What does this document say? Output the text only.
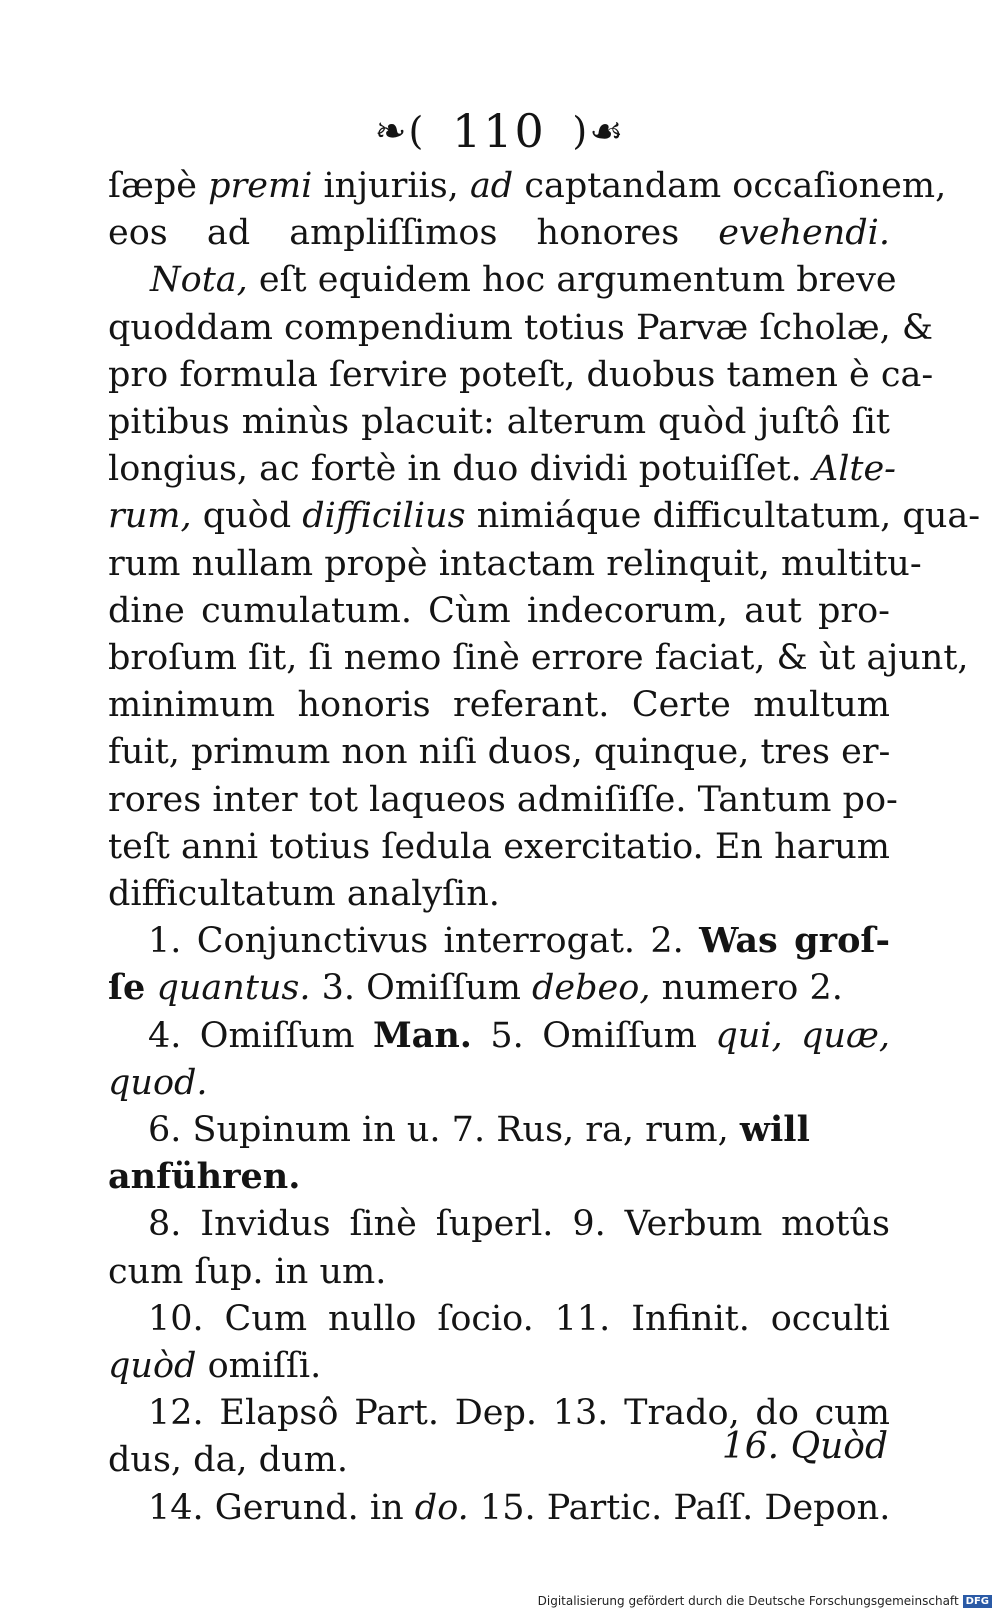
❧( 110 )☙
ſæpè premi injuriis, ad captandam occaſionem,
eos ad ampliſſimos honores evehendi.
Nota, eſt equidem hoc argumentum breve
quoddam compendium totius Parvæ ſcholæ, &
pro formula ſervire poteſt, duobus tamen è ca-
pitibus minùs placuit: alterum quòd juſtô ſit
longius, ac fortè in duo dividi potuiſſet. Alte-
rum, quòd difficilius nimiáque difficultatum, qua-
rum nullam propè intactam relinquit, multitu-
dine cumulatum. Cùm indecorum, aut pro-
broſum ſit, ſi nemo ſinè errore faciat, & ùt ajunt,
minimum honoris referant. Certe multum
fuit, primum non niſi duos, quinque, tres er-
rores inter tot laqueos admiſiſſe. Tantum po-
teſt anni totius ſedula exercitatio. En harum
difficultatum analyſin.
1. Conjunctivus interrogat. 2. Was groſ-
ſe quantus. 3. Omiſſum debeo, numero 2.
4. Omiſſum Man. 5. Omiſſum qui, quæ,
quod.
6. Supinum in u. 7. Rus, ra, rum, will
anführen.
8. Invidus ſinè ſuperl. 9. Verbum motûs
cum ſup. in um.
10. Cum nullo ſocio. 11. Infinit. occulti
quòd omiſſi.
12. Elapsô Part. Dep. 13. Trado, do cum
dus, da, dum.
14. Gerund. in do. 15. Partic. Paſſ. Depon.
16. Quòd
Digitalisierung gefördert durch die Deutsche Forschungsgemeinschaft DFG
